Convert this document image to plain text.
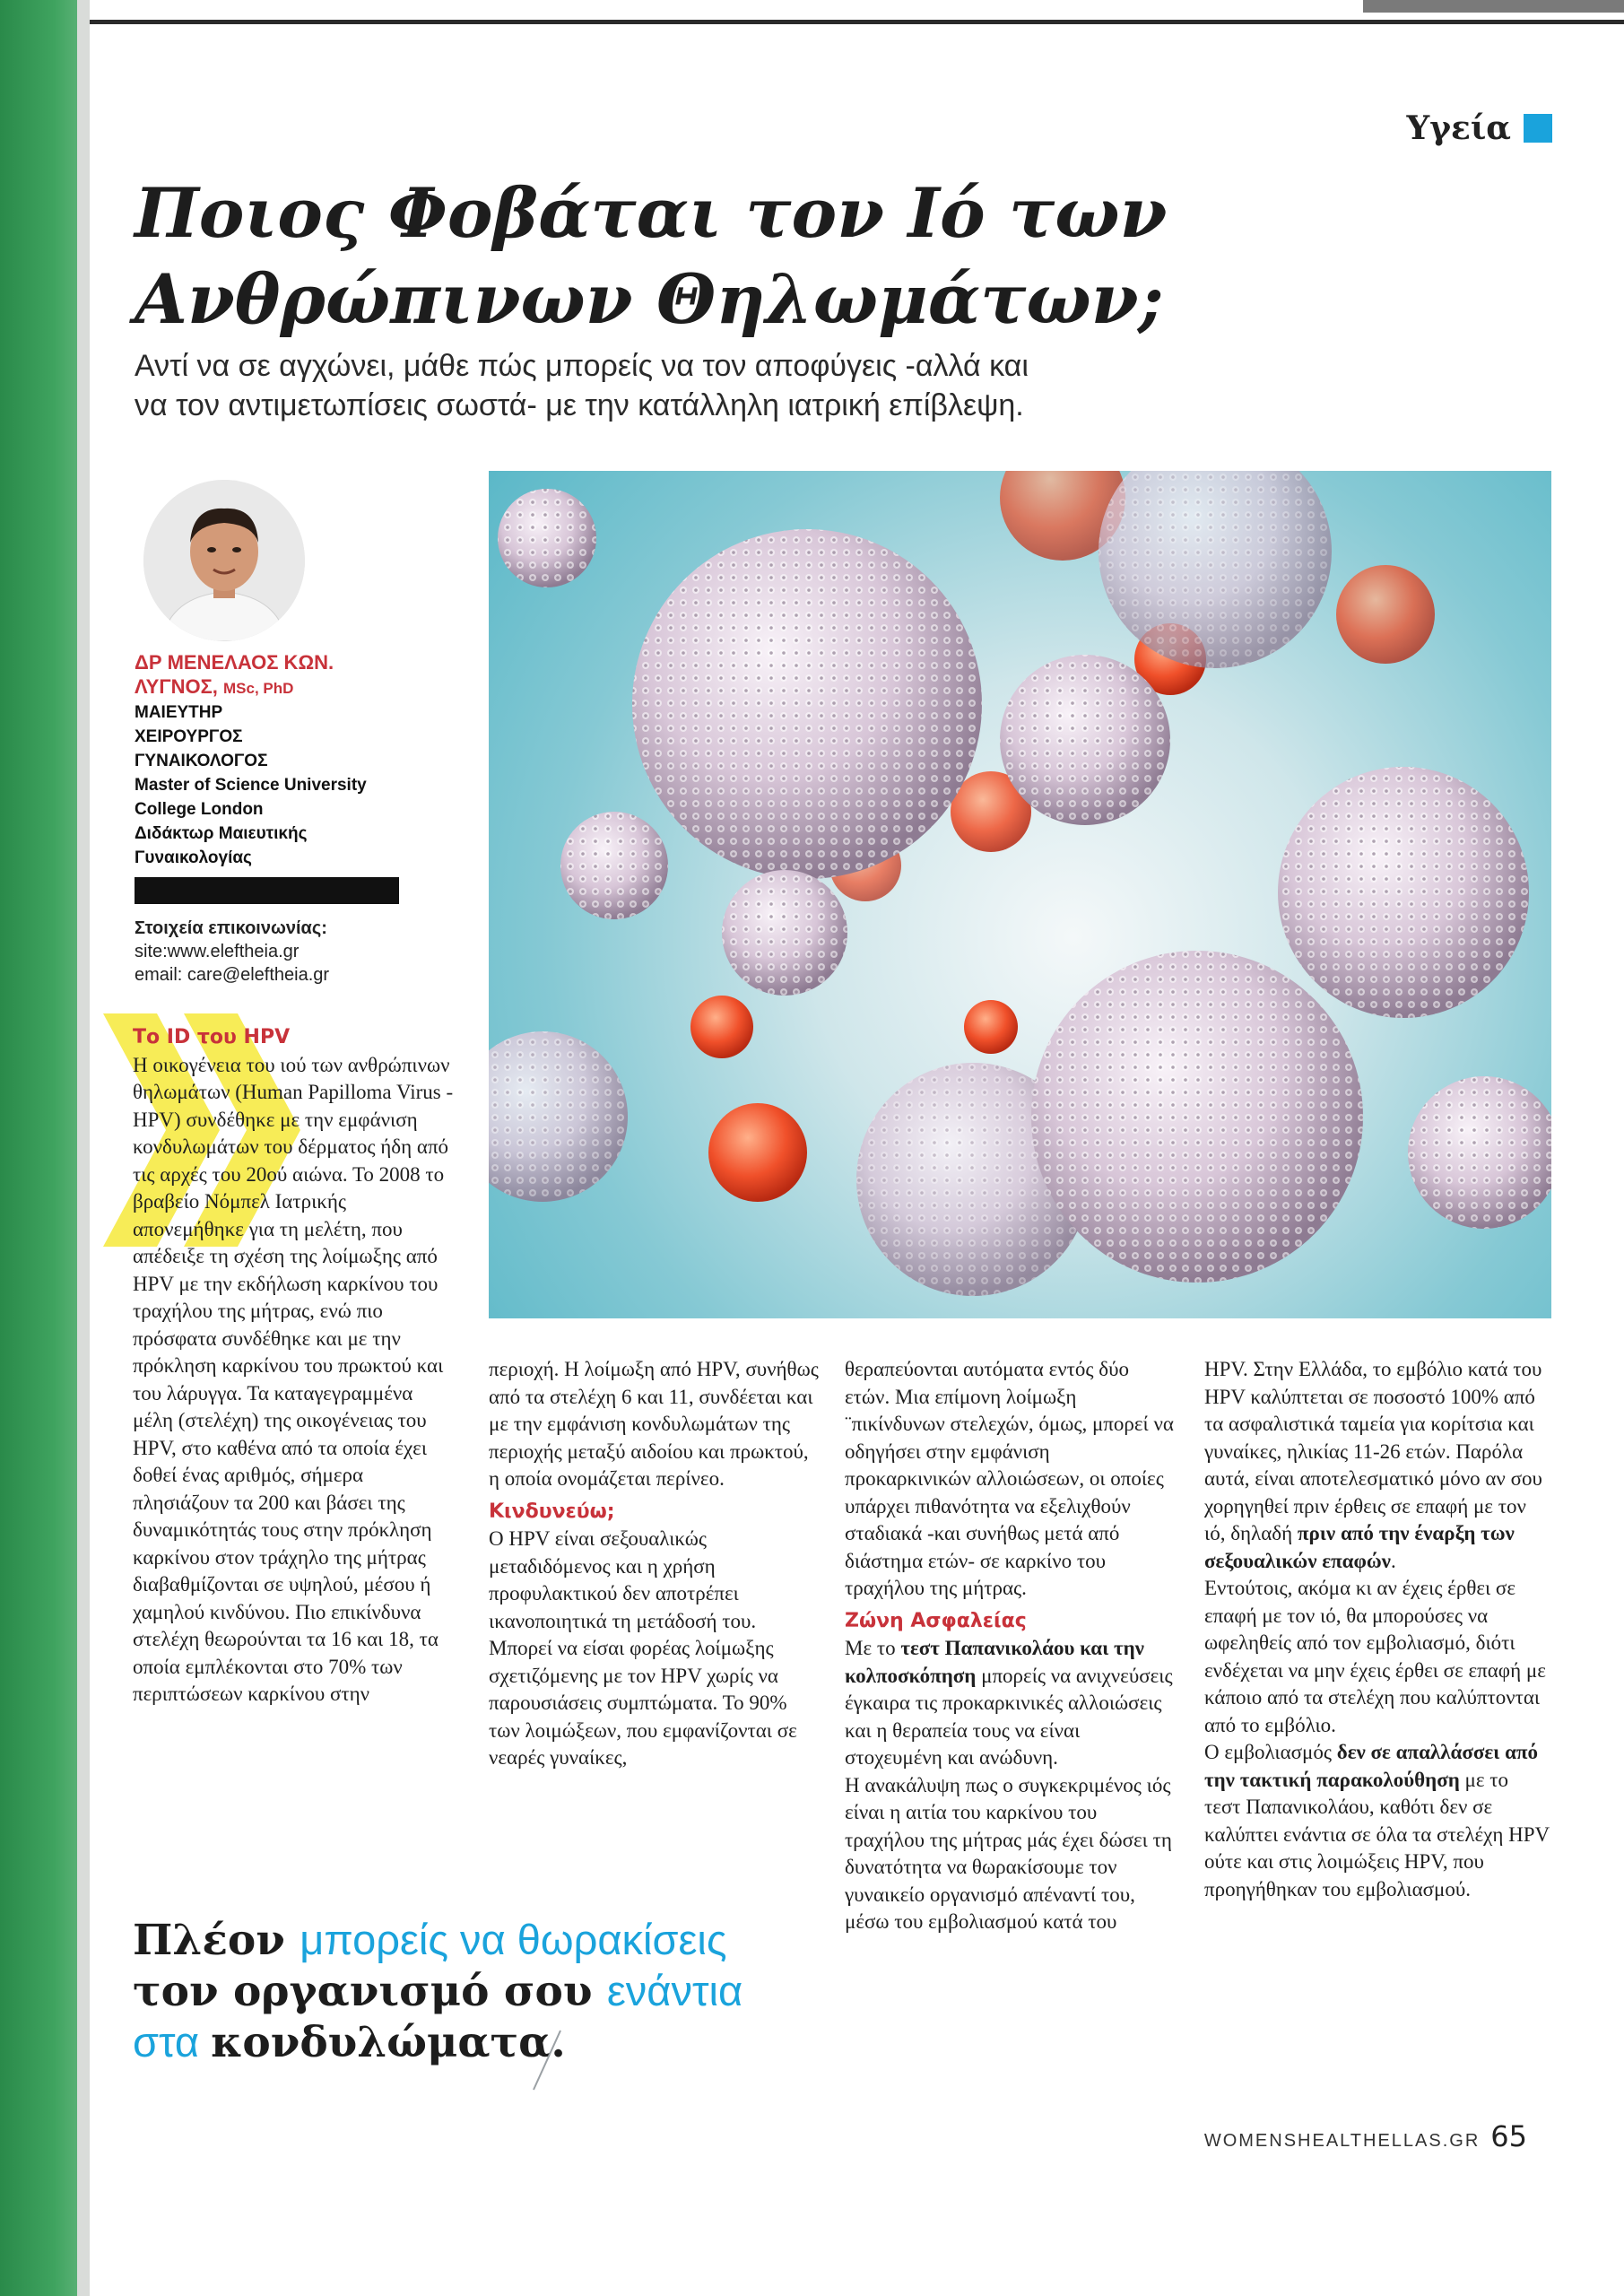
Υγεία
Ποιος Φοβάται τον Ιό των
Ανθρώπινων Θηλωμάτων;

Αντί να σε αγχώνει, μάθε πώς μπορείς να τον αποφύγεις -αλλά και
να τον αντιμετωπίσεις σωστά- με την κατάλληλη ιατρική επίβλεψη.

ΔΡ ΜΕΝΕΛΑΟΣ ΚΩΝ.
ΛΥΓΝΟΣ, MSc, PhD
ΜΑΙΕΥΤΗΡ
ΧΕΙΡΟΥΡΓΟΣ
ΓΥΝΑΙΚΟΛΟΓΟΣ
Master of Science University
College London
Διδάκτωρ Μαιευτικής
Γυναικολογίας
Στοιχεία επικοινωνίας:
site:www.eleftheia.gr
email: care@eleftheia.gr
Το ID του HPV

Η οικογένεια του ιού των ανθρώπινων θηλωμάτων (Human Papilloma Virus - HPV) συνδέθηκε με την εμφάνιση κονδυλωμάτων του δέρματος ήδη από τις αρχές του 20ού αιώνα. Το 2008 το βραβείο Νόμπελ Ιατρικής απονεμήθηκε για τη μελέτη, που απέδειξε τη σχέση της λοίμωξης από HPV με την εκδήλωση καρκίνου του τραχήλου της μήτρας, ενώ πιο πρόσφατα συνδέθηκε και με την πρόκληση καρκίνου του πρωκτού και του λάρυγγα. Τα καταγεγραμμένα μέλη (στελέχη) της οικογένειας του HPV, στο καθένα από τα οποία έχει δοθεί ένας αριθμός, σήμερα πλησιάζουν τα 200 και βάσει της δυναμικότητάς τους στην πρόκληση καρκίνου στον τράχηλο της μήτρας διαβαθμίζονται σε υψηλού, μέσου ή χαμηλού κινδύνου. Πιο επικίνδυνα στελέχη θεωρούνται τα 16 και 18, τα οποία εμπλέκονται στο 70% των περιπτώσεων καρκίνου στην

περιοχή. Η λοίμωξη από HPV, συνήθως από τα στελέχη 6 και 11, συνδέεται και με την εμφάνιση κονδυλωμάτων της περιοχής μεταξύ αιδοίου και πρωκτού, η οποία ονομάζεται περίνεο.

Κινδυνεύω;

Ο HPV είναι σεξουαλικώς μεταδιδόμενος και η χρήση προφυλακτικού δεν αποτρέπει ικανοποιητικά τη μετάδοσή του. Μπορεί να είσαι φορέας λοίμωξης σχετιζόμενης με τον HPV χωρίς να παρουσιάσεις συμπτώματα. Το 90% των λοιμώξεων, που εμφανίζονται σε νεαρές γυναίκες,

θεραπεύονται αυτόματα εντός δύο ετών. Μια επίμονη λοίμωξη ¨πικίνδυνων στελεχών, όμως, μπορεί να οδηγήσει στην εμφάνιση προκαρκινικών αλλοιώσεων, οι οποίες υπάρχει πιθανότητα να εξελιχθούν σταδιακά -και συνήθως μετά από διάστημα ετών- σε καρκίνο του τραχήλου της μήτρας.

Ζώνη Ασφαλείας

Με το τεστ Παπανικολάου και την κολποσκόπηση μπορείς να ανιχνεύσεις έγκαιρα τις προκαρκινικές αλλοιώσεις και η θεραπεία τους να είναι στοχευμένη και ανώδυνη.

Η ανακάλυψη πως ο συγκεκριμένος ιός είναι η αιτία του καρκίνου του τραχήλου της μήτρας μάς έχει δώσει τη δυνατότητα να θωρακίσουμε τον γυναικείο οργανισμό απέναντί του, μέσω του εμβολιασμού κατά του

HPV. Στην Ελλάδα, το εμβόλιο κατά του HPV καλύπτεται σε ποσοστό 100% από τα ασφαλιστικά ταμεία για κορίτσια και γυναίκες, ηλικίας 11-26 ετών. Παρόλα αυτά, είναι αποτελεσματικό μόνο αν σου χορηγηθεί πριν έρθεις σε επαφή με τον ιό, δηλαδή πριν από την έναρξη των σεξουαλικών επαφών.

Εντούτοις, ακόμα κι αν έχεις έρθει σε επαφή με τον ιό, θα μπορούσες να ωφεληθείς από τον εμβολιασμό, διότι ενδέχεται να μην έχεις έρθει σε επαφή με κάποιο από τα στελέχη που καλύπτονται από το εμβόλιο.

Ο εμβολιασμός δεν σε απαλλάσσει από την τακτική παρακολούθηση με το τεστ Παπανικολάου, καθότι δεν σε καλύπτει ενάντια σε όλα τα στελέχη HPV ούτε και στις λοιμώξεις HPV, που προηγήθηκαν του εμβολιασμού.

Πλέον μπορείς να θωρακίσεις
τον οργανισμό σου ενάντια
στα κονδυλώματα.
WOMENSHEALTHELLAS.GR 65
